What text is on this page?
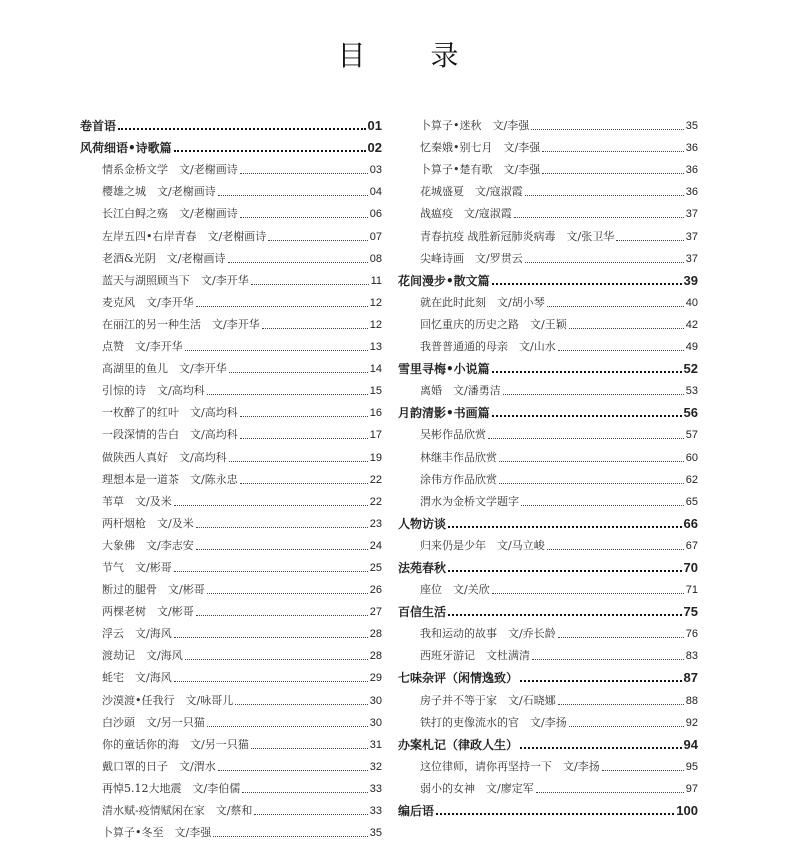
目 录
卷首语	01
风荷细语•诗歌篇	02
情系金桥文学　文/老榭画诗	03
樱雄之城　文/老榭画诗	04
长江白鲟之殇　文/老榭画诗	06
左岸五四•右岸青春　文/老榭画诗	07
老酒&光阴　文/老榭画诗	08
蓝天与湖照顾当下　文/李开华	11
麦克风　文/李开华	12
在丽江的另一种生活　文/李开华	12
点赞　文/李开华	13
高湖里的鱼儿　文/李开华	14
引惊的诗　文/高均科	15
一枚醉了的红叶　文/高均科	16
一段深情的告白　文/高均科	17
做陕西人真好　文/高均科	19
理想本是一道茶　文/陈永忠	22
苇草　文/及米	22
两杆烟枪　文/及米	23
大象佛　文/李志安	24
节气　文/彬哥	25
断过的腿骨　文/彬哥	26
两棵老树　文/彬哥	27
浮云　文/海风	28
渡劫记　文/海风	28
蚝宅　文/海风	29
沙漠渡•任我行　文/咏哥儿	30
白沙頭　文/另一只猫	30
你的童话你的海　文/另一只猫	31
戴口罩的日子　文/渭水	32
再悼5.12大地震　文/李伯儒	33
清水赋-疫情赋闲在家　文/蔡和	33
卜算子•冬至　文/李强	35
卜算子•迷秋　文/李强	35
忆秦娥•别七月　文/李强	36
卜算子•楚有歌　文/李强	36
花城盛夏　文/寇淑霞	36
战瘟疫　文/寇淑霞	37
青春抗疫 战胜新冠肺炎病毒　文/张卫华	37
尖峰诗画　文/罗贯云	37
花间漫步•散文篇	39
就在此时此刻　文/胡小琴	40
回忆重庆的历史之路　文/王颖	42
我普普通通的母亲　文/山水	49
雪里寻梅•小说篇	52
离婚　文/潘勇洁	53
月韵清影•书画篇	56
吴彬作品欣赏	57
林继丰作品欣赏	60
涂伟方作品欣赏	62
渭水为金桥文学题字	65
人物访谈	66
归来仍是少年　文/马立峻	67
法苑春秋	70
座位　文/关欣	71
百信生活	75
我和运动的故事　文/乔长龄	76
西班牙游记　文杜满清	83
七味杂评（闲情逸致）	87
房子并不等于家　文/石晓娜	88
铁打的吏像流水的官　文/李扬	92
办案札记（律政人生）	94
这位律师，请你再坚持一下　文/李扬	95
弱小的女神　文/廖定军	97
编后语	100
